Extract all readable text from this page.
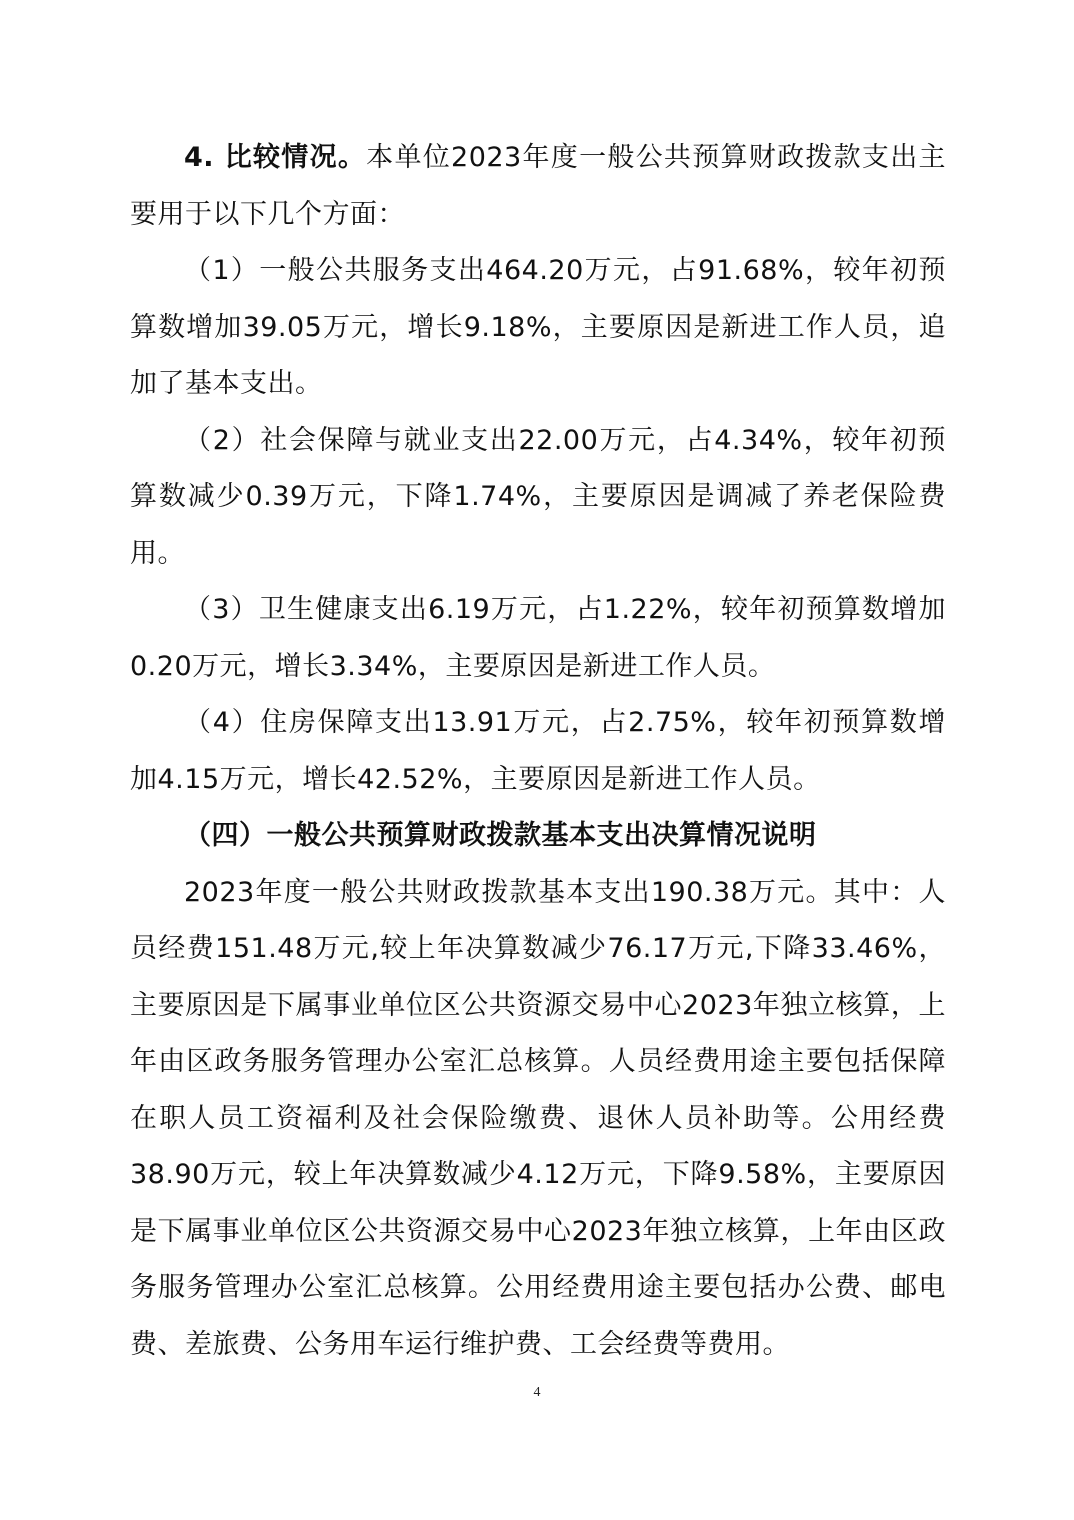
4. 比较情况。本单位2023年度一般公共预算财政拨款支出主要用于以下几个方面：

（1）一般公共服务支出464.20万元，占91.68%，较年初预算数增加39.05万元，增长9.18%，主要原因是新进工作人员，追加了基本支出。

（2）社会保障与就业支出22.00万元，占4.34%，较年初预算数减少0.39万元，下降1.74%，主要原因是调减了养老保险费用。

（3）卫生健康支出6.19万元，占1.22%，较年初预算数增加0.20万元，增长3.34%，主要原因是新进工作人员。

（4）住房保障支出13.91万元，占2.75%，较年初预算数增加4.15万元，增长42.52%，主要原因是新进工作人员。

（四）一般公共预算财政拨款基本支出决算情况说明

2023年度一般公共财政拨款基本支出190.38万元。其中：人员经费151.48万元,较上年决算数减少76.17万元,下降33.46%，主要原因是下属事业单位区公共资源交易中心2023年独立核算，上年由区政务服务管理办公室汇总核算。人员经费用途主要包括保障在职人员工资福利及社会保险缴费、退休人员补助等。公用经费38.90万元，较上年决算数减少4.12万元，下降9.58%，主要原因是下属事业单位区公共资源交易中心2023年独立核算，上年由区政务服务管理办公室汇总核算。公用经费用途主要包括办公费、邮电费、差旅费、公务用车运行维护费、工会经费等费用。

4
